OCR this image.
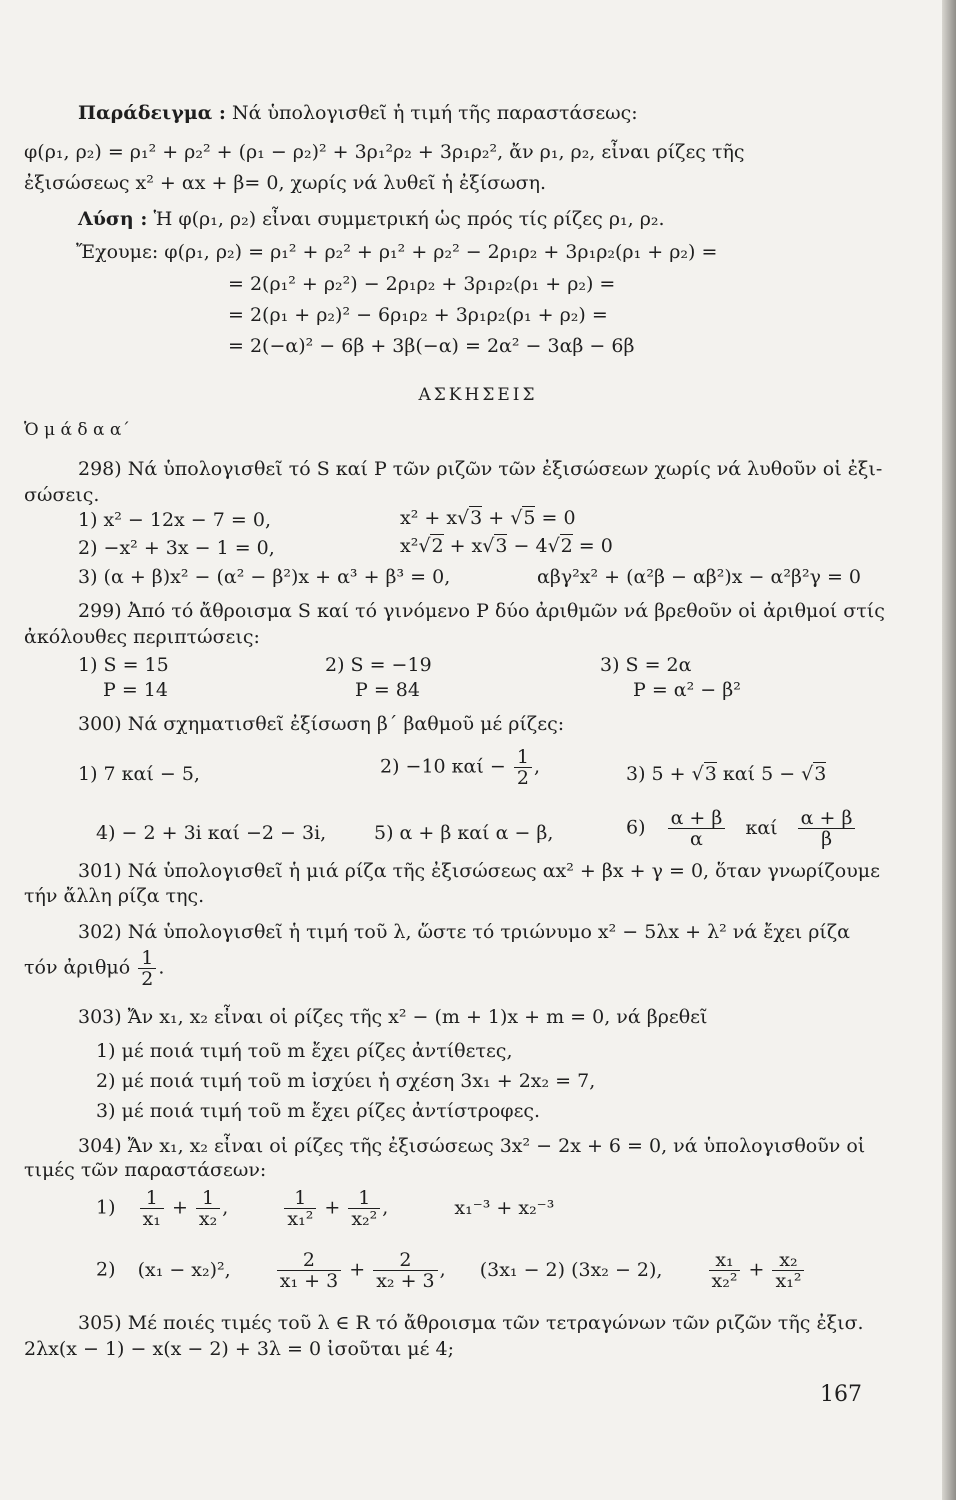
Παράδειγμα : Νά ὑπολογισθεῖ ἡ τιμή τῆς παραστάσεως:
φ(ρ₁, ρ₂) = ρ₁² + ρ₂² + (ρ₁ − ρ₂)² + 3ρ₁²ρ₂ + 3ρ₁ρ₂², ἄν ρ₁, ρ₂, εἶναι ρίζες τῆς
ἐξισώσεως x² + αx + β= 0, χωρίς νά λυθεῖ ἡ ἐξίσωση.
Λύση : Ἡ φ(ρ₁, ρ₂) εἶναι συμμετρική ὡς πρός τίς ρίζες ρ₁, ρ₂.
Ἔχουμε: φ(ρ₁, ρ₂) = ρ₁² + ρ₂² + ρ₁² + ρ₂² − 2ρ₁ρ₂ + 3ρ₁ρ₂(ρ₁ + ρ₂) =
= 2(ρ₁² + ρ₂²) − 2ρ₁ρ₂ + 3ρ₁ρ₂(ρ₁ + ρ₂) =
= 2(ρ₁ + ρ₂)² − 6ρ₁ρ₂ + 3ρ₁ρ₂(ρ₁ + ρ₂) =
= 2(−α)² − 6β + 3β(−α) = 2α² − 3αβ − 6β
ΑΣΚΗΣΕΙΣ
Ὁ μ ά δ α α΄
298) Νά ὑπολογισθεῖ τό S καί P τῶν ριζῶν τῶν ἐξισώσεων χωρίς νά λυθοῦν οἱ ἐξι-
σώσεις.
1) x² − 12x − 7 = 0,	x² + x√3 + √5 = 0
2) −x² + 3x − 1 = 0,	x²√2 + x√3 − 4√2 = 0
3) (α + β)x² − (α² − β²)x + α³ + β³ = 0,	αβγ²x² + (α²β − αβ²)x − α²β²γ = 0
299) Ἀπό τό ἄθροισμα S καί τό γινόμενο P δύο ἀριθμῶν νά βρεθοῦν οἱ ἀριθμοί στίς
ἀκόλουθες περιπτώσεις:
1) S = 15
P = 14
2) S = −19
P = 84
3) S = 2α
P = α² − β²
300) Νά σχηματισθεῖ ἐξίσωση β΄ βαθμοῦ μέ ρίζες:
1) 7 καί − 5,	2) −10 $\kappa\alpha ί - \frac{1}{2}$ ,	3) 5 + √3 καί 5 − √3
4) − 2 + 3i καί −2 − 3i,	5) α + β καί α − β,	$6) \frac{\alpha + \beta}{\alpha}$ καί $\frac{\alpha + \beta}{\beta}$
301) Νά ὑπολογισθεῖ ἡ μιά ρίζα τῆς ἐξισώσεως αx² + βx + γ = 0, ὅταν γνωρίζουμε
τήν ἄλλη ρίζα της.
302) Νά ὑπολογισθεῖ ἡ τιμή τοῦ λ, ὥστε τό τριώνυμο x² − 5λx + λ² νά ἔχει ρίζα
τόν ἀριθμό $\frac{1}{2}$ .
303) Ἄν x₁, x₂ εἶναι οἱ ρίζες τῆς x² − (m + 1)x + m = 0, νά βρεθεῖ
1) μέ ποιά τιμή τοῦ m ἔχει ρίζες ἀντίθετες,
2) μέ ποιά τιμή τοῦ m ἰσχύει ἡ σχέση 3x₁ + 2x₂ = 7,
3) μέ ποιά τιμή τοῦ m ἔχει ρίζες ἀντίστροφες.
304) Ἄν x₁, x₂ εἶναι οἱ ρίζες τῆς ἐξισώσεως 3x² − 2x + 6 = 0, νά ὑπολογισθοῦν οἱ
τιμές τῶν παραστάσεων:
$1) \frac{1}{\text{x₁}} + \frac{1}{\text{x₂}}$ ,	$\frac{1}{\text{x₁²}} + \frac{1}{\text{x₂²}}$ ,	x₁⁻³ + x₂⁻³
2) (x₁ − x₂)², $\frac{2}{\text{x₁ + 3}} + \frac{2}{\text{x₂ + 3}}$ , (3x₁ − 2) (3x₂ − 2), $\frac{\text{x₁}}{\text{x₂²}} + \frac{\text{x₂}}{\text{x₁²}}$
305) Μέ ποιές τιμές τοῦ λ ∈ R τό ἄθροισμα τῶν τετραγώνων τῶν ριζῶν τῆς ἐξισ.
2λx(x − 1) − x(x − 2) + 3λ = 0 ἰσοῦται μέ 4;
167
